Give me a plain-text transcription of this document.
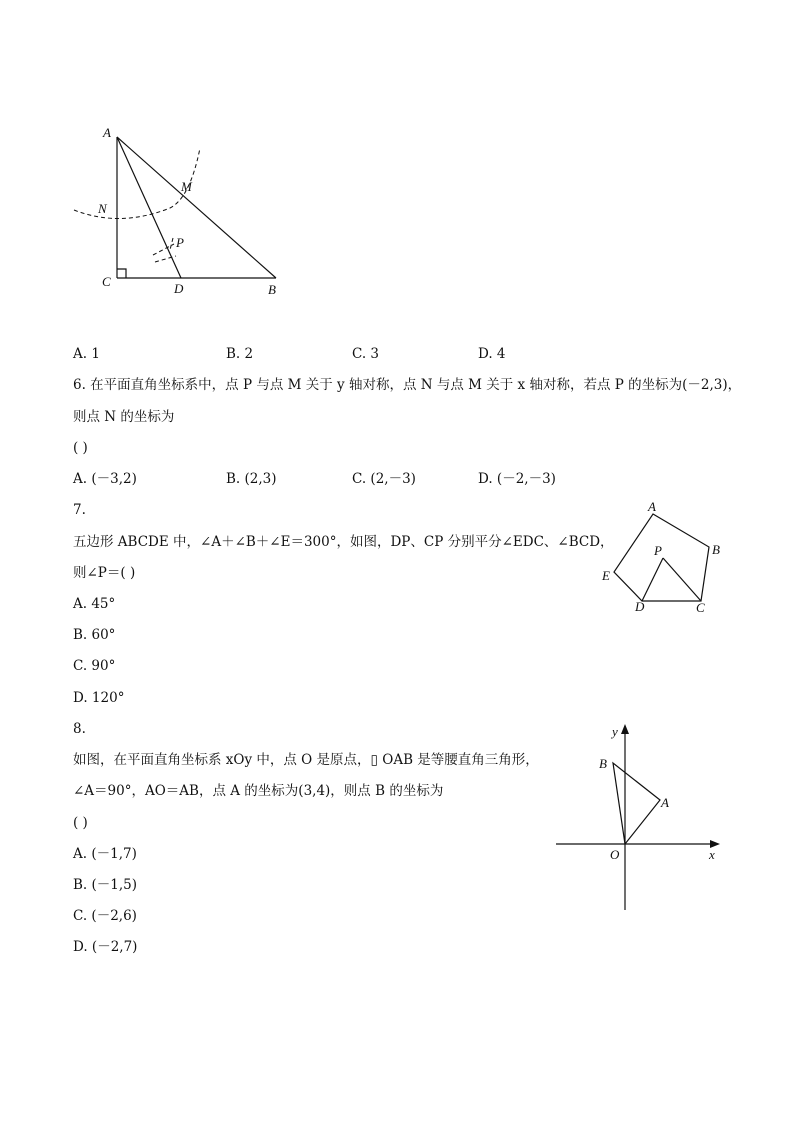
A
M
N
P
C	D	B
A. 1	B. 2	C. 3	D. 4
6. 在平面直角坐标系中，点 P 与点 M 关于 y 轴对称，点 N 与点 M 关于 x 轴对称，若点 P 的坐标为(－2,3)，
则点 N 的坐标为
( )
A. (－3,2)	B. (2,3)	C. (2,－3)	D. (－2,－3)
7.
五边形 ABCDE 中，∠A＋∠B＋∠E＝300°，如图，DP、CP 分别平分∠EDC、∠BCD，
则∠P＝( )
A. 45°
B. 60°
C. 90°
D. 120°
A
B
P
E
D	C
8.
如图，在平面直角坐标系 xOy 中，点 O 是原点，▯ OAB 是等腰直角三角形，
∠A＝90°，AO＝AB，点 A 的坐标为(3,4)，则点 B 的坐标为
( )
A. (－1,7)
B. (－1,5)
C. (－2,6)
D. (－2,7)
y
x
B
A
O
